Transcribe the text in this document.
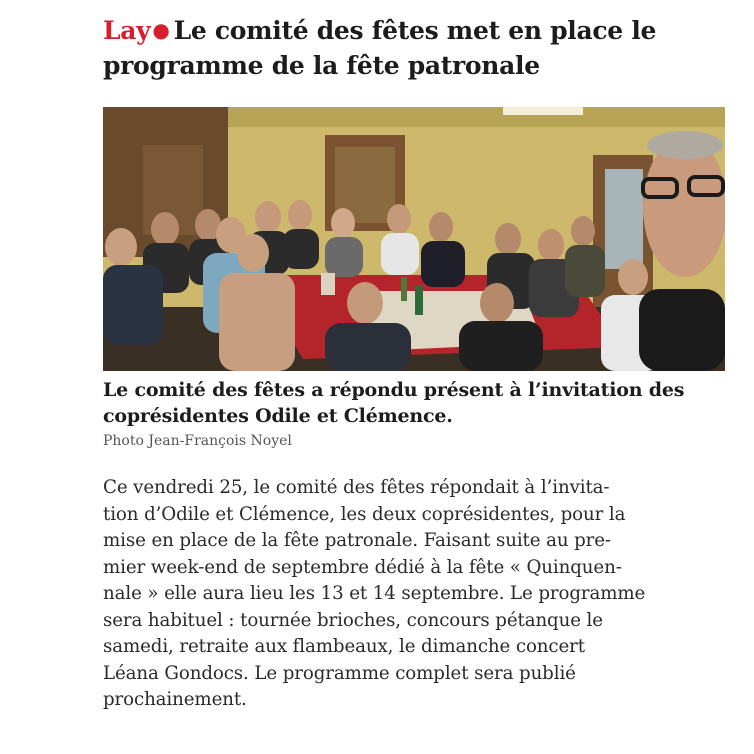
Lay ● Le comité des fêtes met en place le programme de la fête patronale

Le comité des fêtes a répondu présent à l’invitation des coprésidentes Odile et Clémence.

Photo Jean-François Noyel

Ce vendredi 25, le comité des fêtes répondait à l’invita-
tion d’Odile et Clémence, les deux coprésidentes, pour la
mise en place de la fête patronale. Faisant suite au pre-
mier week-end de septembre dédié à la fête « Quinquen-
nale » elle aura lieu les 13 et 14 septembre. Le programme
sera habituel : tournée brioches, concours pétanque le
samedi, retraite aux flambeaux, le dimanche concert
Léana Gondocs. Le programme complet sera publié
prochainement.
